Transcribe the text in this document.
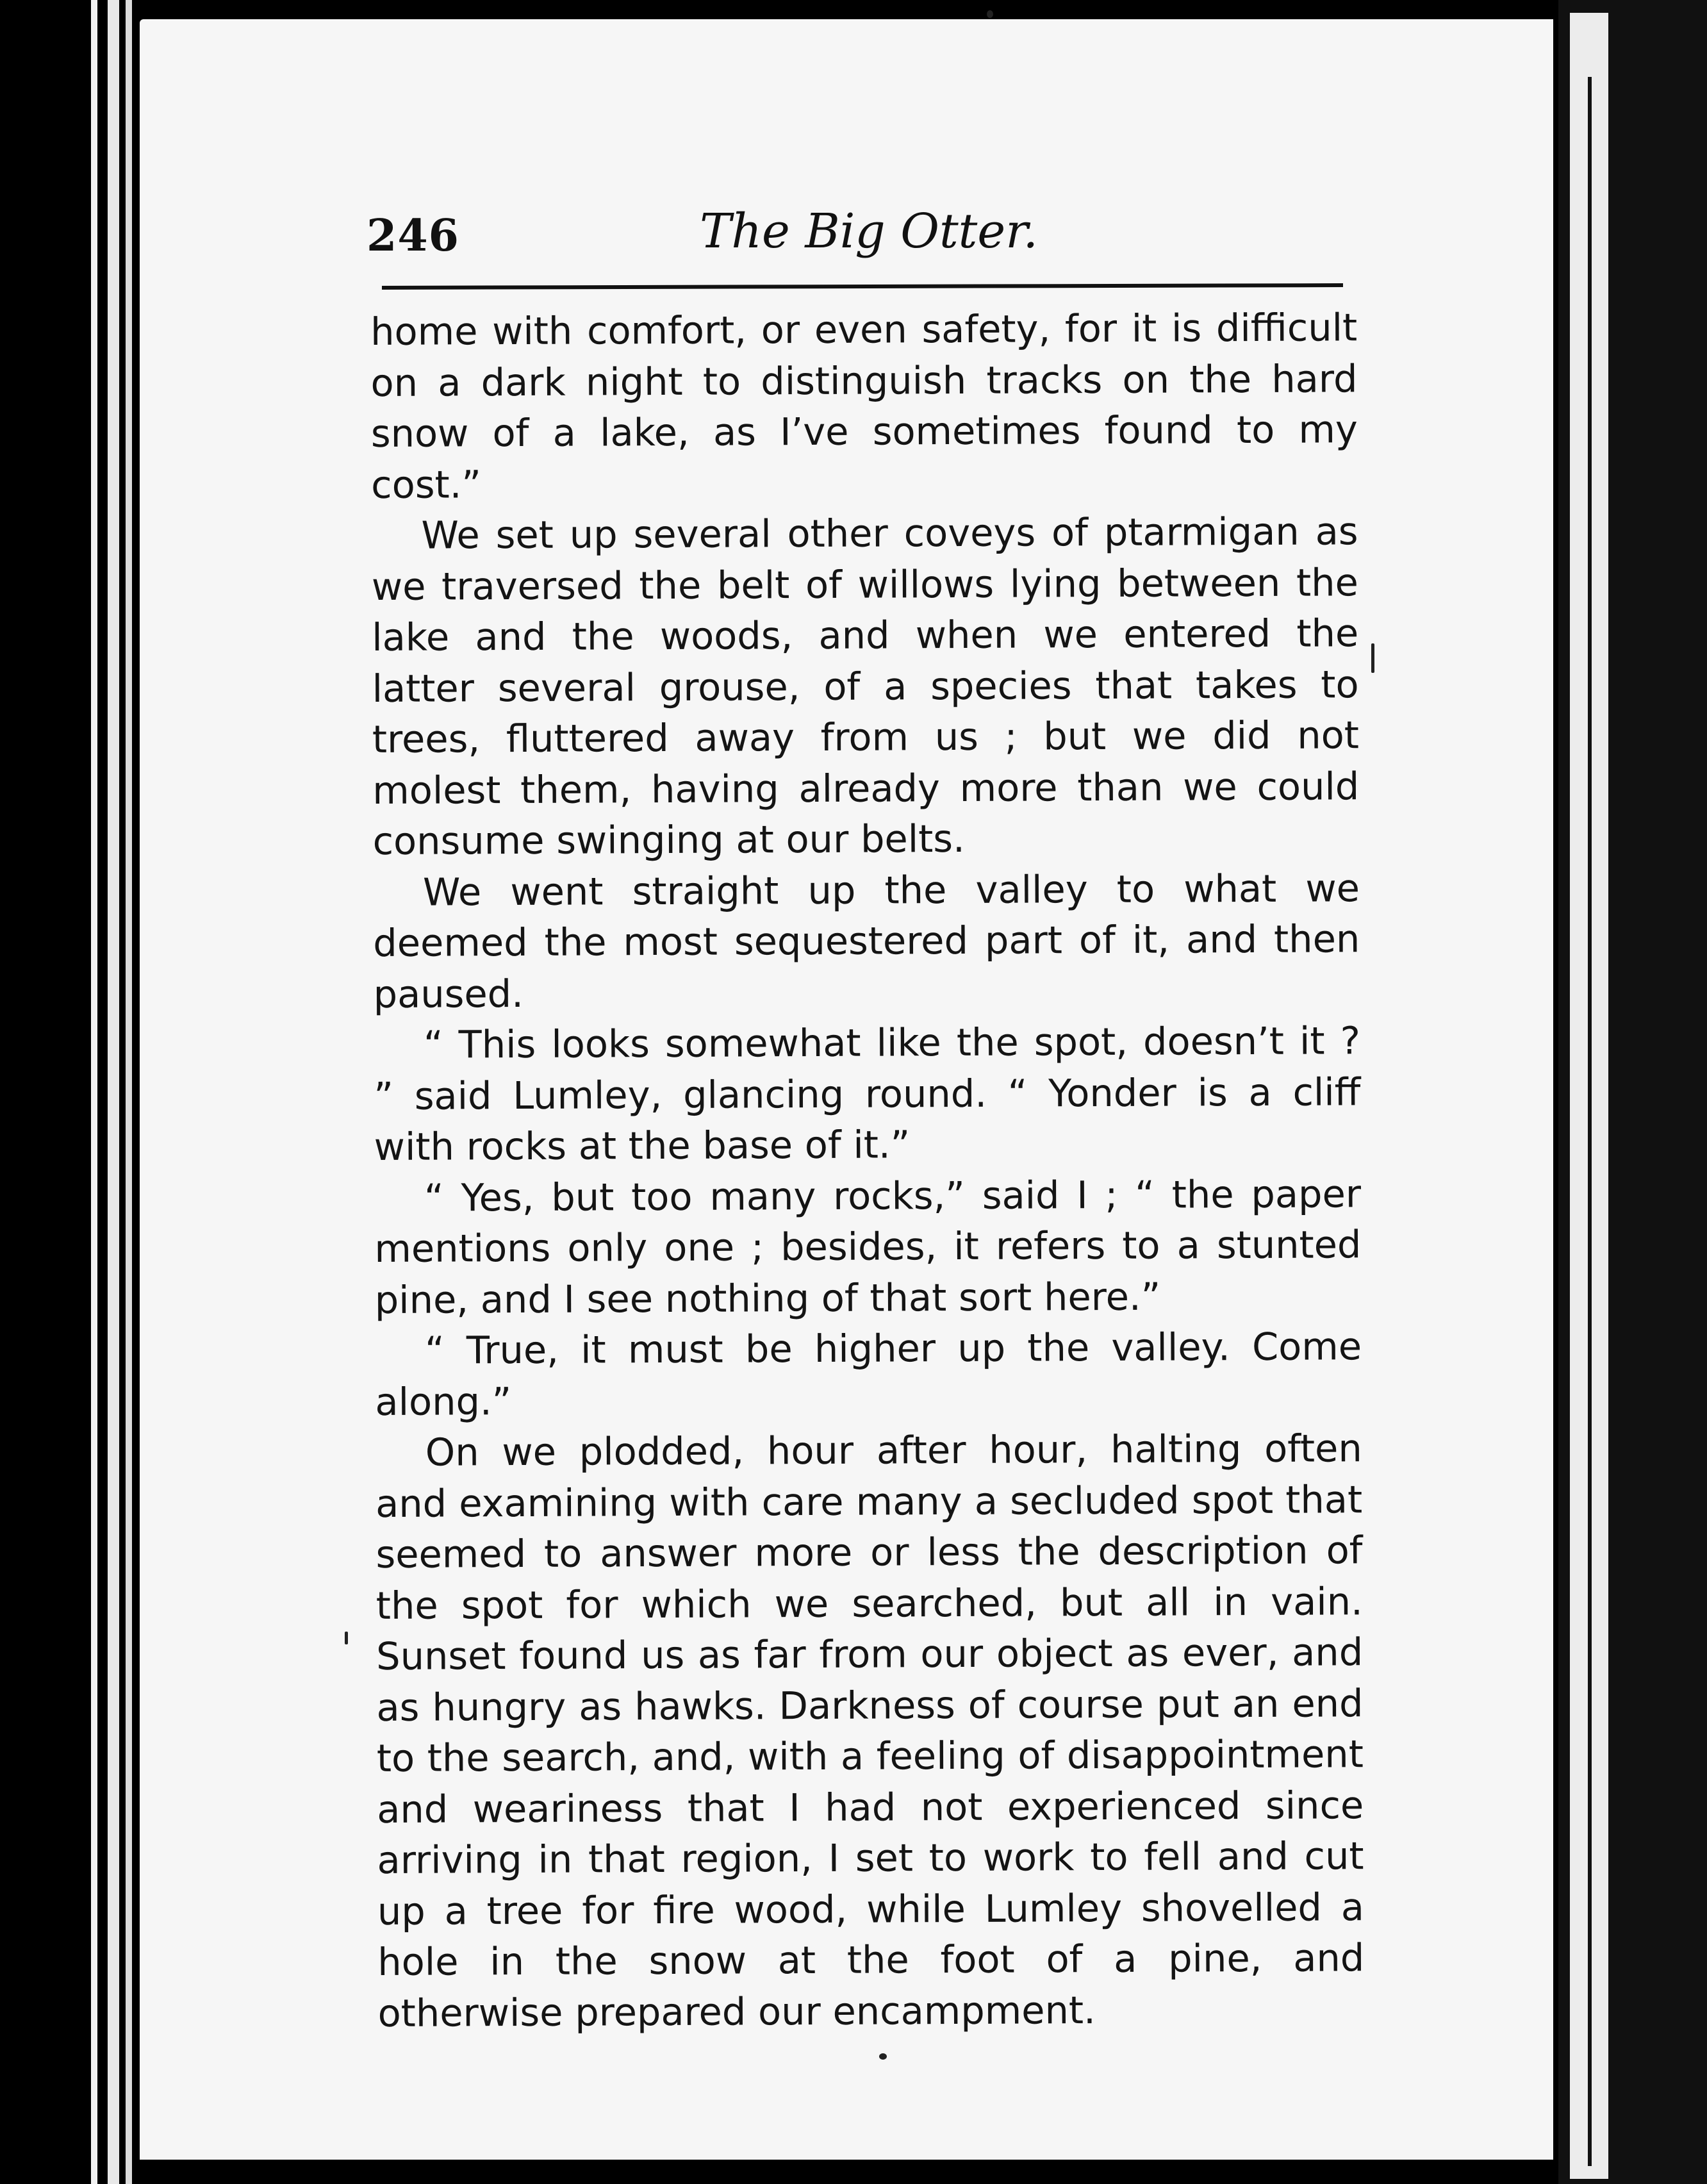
246	The Big Otter.

home with comfort, or even safety, for it is difficult on a dark night to distinguish tracks on the hard snow of a lake, as I’ve sometimes found to my cost.”

We set up several other coveys of ptarmigan as we traversed the belt of willows lying between the lake and the woods, and when we entered the latter several grouse, of a species that takes to trees, fluttered away from us ; but we did not molest them, having already more than we could consume swinging at our belts.

We went straight up the valley to what we deemed the most sequestered part of it, and then paused.

“ This looks somewhat like the spot, doesn’t it ? ” said Lumley, glancing round. “ Yonder is a cliff with rocks at the base of it.”

“ Yes, but too many rocks,” said I ; “ the paper mentions only one ; besides, it refers to a stunted pine, and I see nothing of that sort here.”

“ True, it must be higher up the valley. Come along.”

On we plodded, hour after hour, halting often and examining with care many a secluded spot that seemed to answer more or less the description of the spot for which we searched, but all in vain. Sunset found us as far from our object as ever, and as hungry as hawks. Darkness of course put an end to the search, and, with a feeling of disappointment and weariness that I had not experienced since arriving in that region, I set to work to fell and cut up a tree for fire wood, while Lumley shovelled a hole in the snow at the foot of a pine, and otherwise prepared our encampment.
